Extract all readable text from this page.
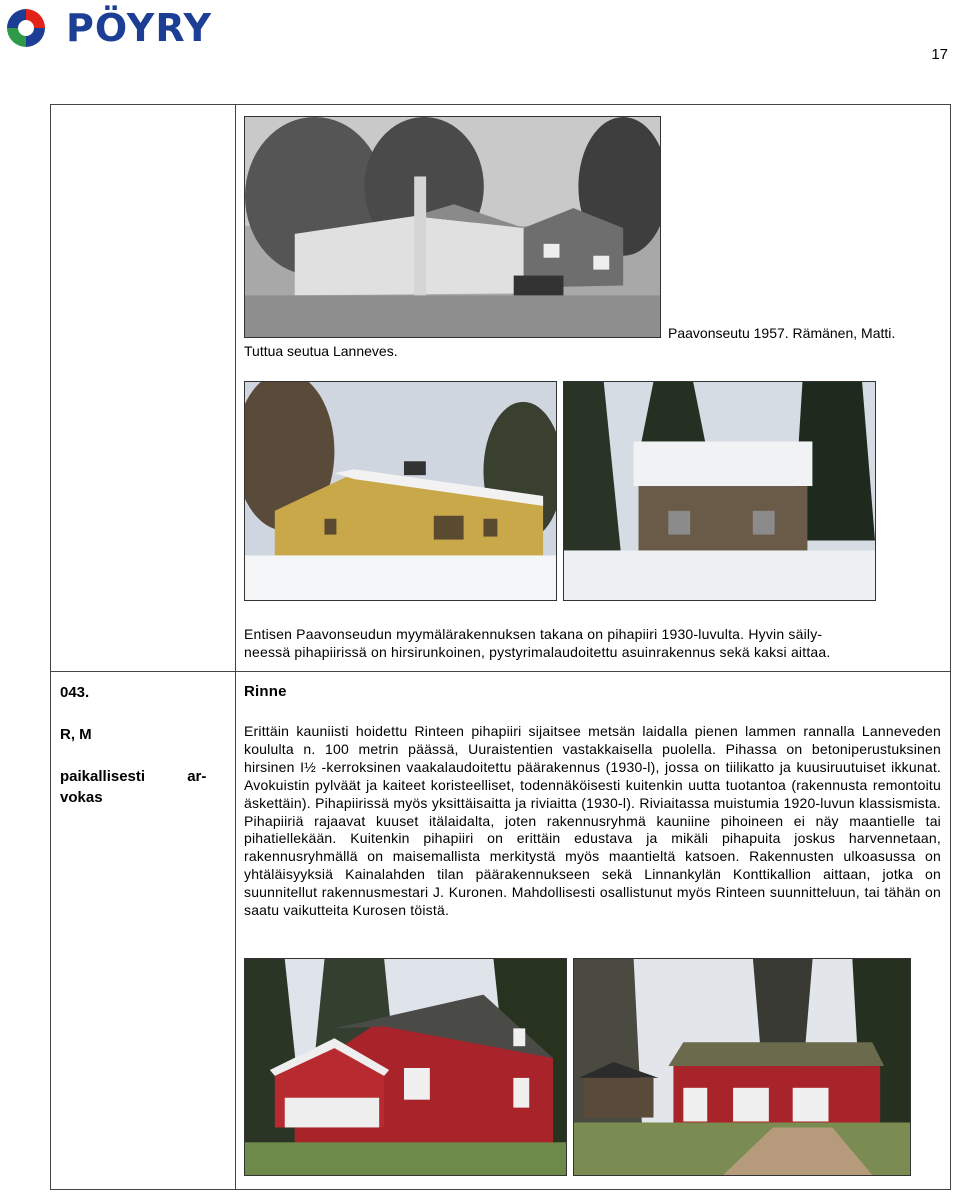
PÖYRY
17
Tuttua seutua Lanneves.
Paavonseutu 1957. Rämänen, Matti.
Entisen Paavonseudun myymälärakennuksen takana on pihapiiri 1930-luvulta. Hyvin säily-
neessä pihapiirissä on hirsirunkoinen, pystyrimalaudoitettu asuinrakennus sekä kaksi aittaa.
043.
R, M
paikallisesti ar-
vokas
Rinne
Erittäin kauniisti hoidettu Rinteen pihapiiri sijaitsee metsän laidalla pienen lammen rannalla Lanneveden koululta n. 100 metrin päässä, Uuraistentien vastakkaisella puolella. Pihassa on betoniperustuksinen hirsinen I½ -kerroksinen vaakalaudoitettu päärakennus (1930-l), jossa on tiilikatto ja kuusiruutuiset ikkunat. Avokuistin pylväät ja kaiteet koristeelliset, todennäköisesti kuitenkin uutta tuotantoa (rakennusta remontoitu äskettäin). Pihapiirissä myös yksittäisaitta ja riviaitta (1930-l). Riviaitassa muistumia 1920-luvun klassismista. Pihapiiriä rajaavat kuuset itälaidalta, joten rakennusryhmä kauniine pihoineen ei näy maantielle tai pihatiellekään. Kuitenkin pihapiiri on erittäin edustava ja mikäli pihapuita joskus harvennetaan, rakennusryhmällä on maisemallista merkitystä myös maantieltä katsoen. Rakennusten ulkoasussa on yhtäläisyyksiä Kainalahden tilan päärakennukseen sekä Linnankylän Konttikallion aittaan, jotka on suunnitellut rakennusmestari J. Kuronen. Mahdollisesti osallistunut myös Rinteen suunnitteluun, tai tähän on saatu vaikutteita Kurosen töistä.
